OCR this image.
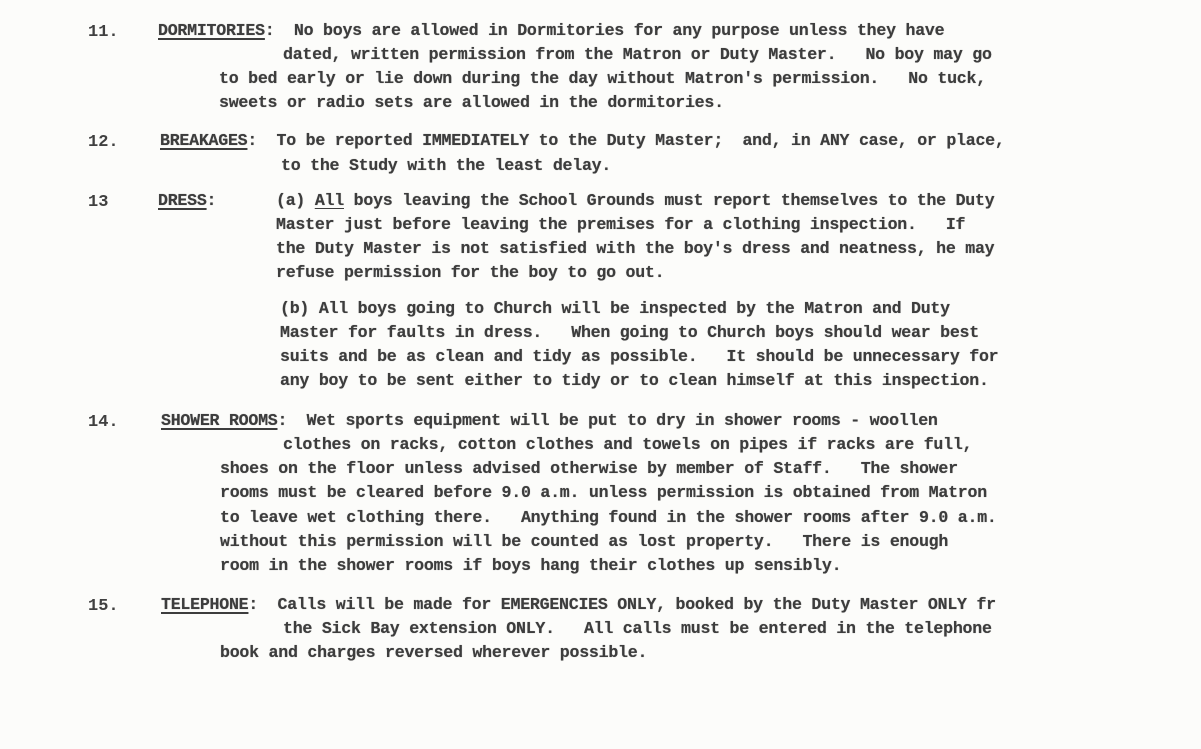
11. DORMITORIES:  No boys are allowed in Dormitories for any purpose unless they have
dated, written permission from the Matron or Duty Master.   No boy may go
to bed early or lie down during the day without Matron's permission.   No tuck,
sweets or radio sets are allowed in the dormitories.
12. BREAKAGES:  To be reported IMMEDIATELY to the Duty Master;  and, in ANY case, or place,
to the Study with the least delay.
13	DRESS:	(a) All boys leaving the School Grounds must report themselves to the Duty
Master just before leaving the premises for a clothing inspection.   If
the Duty Master is not satisfied with the boy's dress and neatness, he may
refuse permission for the boy to go out.
(b) All boys going to Church will be inspected by the Matron and Duty
Master for faults in dress.   When going to Church boys should wear best
suits and be as clean and tidy as possible.   It should be unnecessary for
any boy to be sent either to tidy or to clean himself at this inspection.
14.	SHOWER ROOMS:  Wet sports equipment will be put to dry in shower rooms - woollen
clothes on racks, cotton clothes and towels on pipes if racks are full,
shoes on the floor unless advised otherwise by member of Staff.   The shower
rooms must be cleared before 9.0 a.m. unless permission is obtained from Matron
to leave wet clothing there.   Anything found in the shower rooms after 9.0 a.m.
without this permission will be counted as lost property.   There is enough
room in the shower rooms if boys hang their clothes up sensibly.
15.	TELEPHONE:  Calls will be made for EMERGENCIES ONLY, booked by the Duty Master ONLY fr
the Sick Bay extension ONLY.   All calls must be entered in the telephone
book and charges reversed wherever possible.
